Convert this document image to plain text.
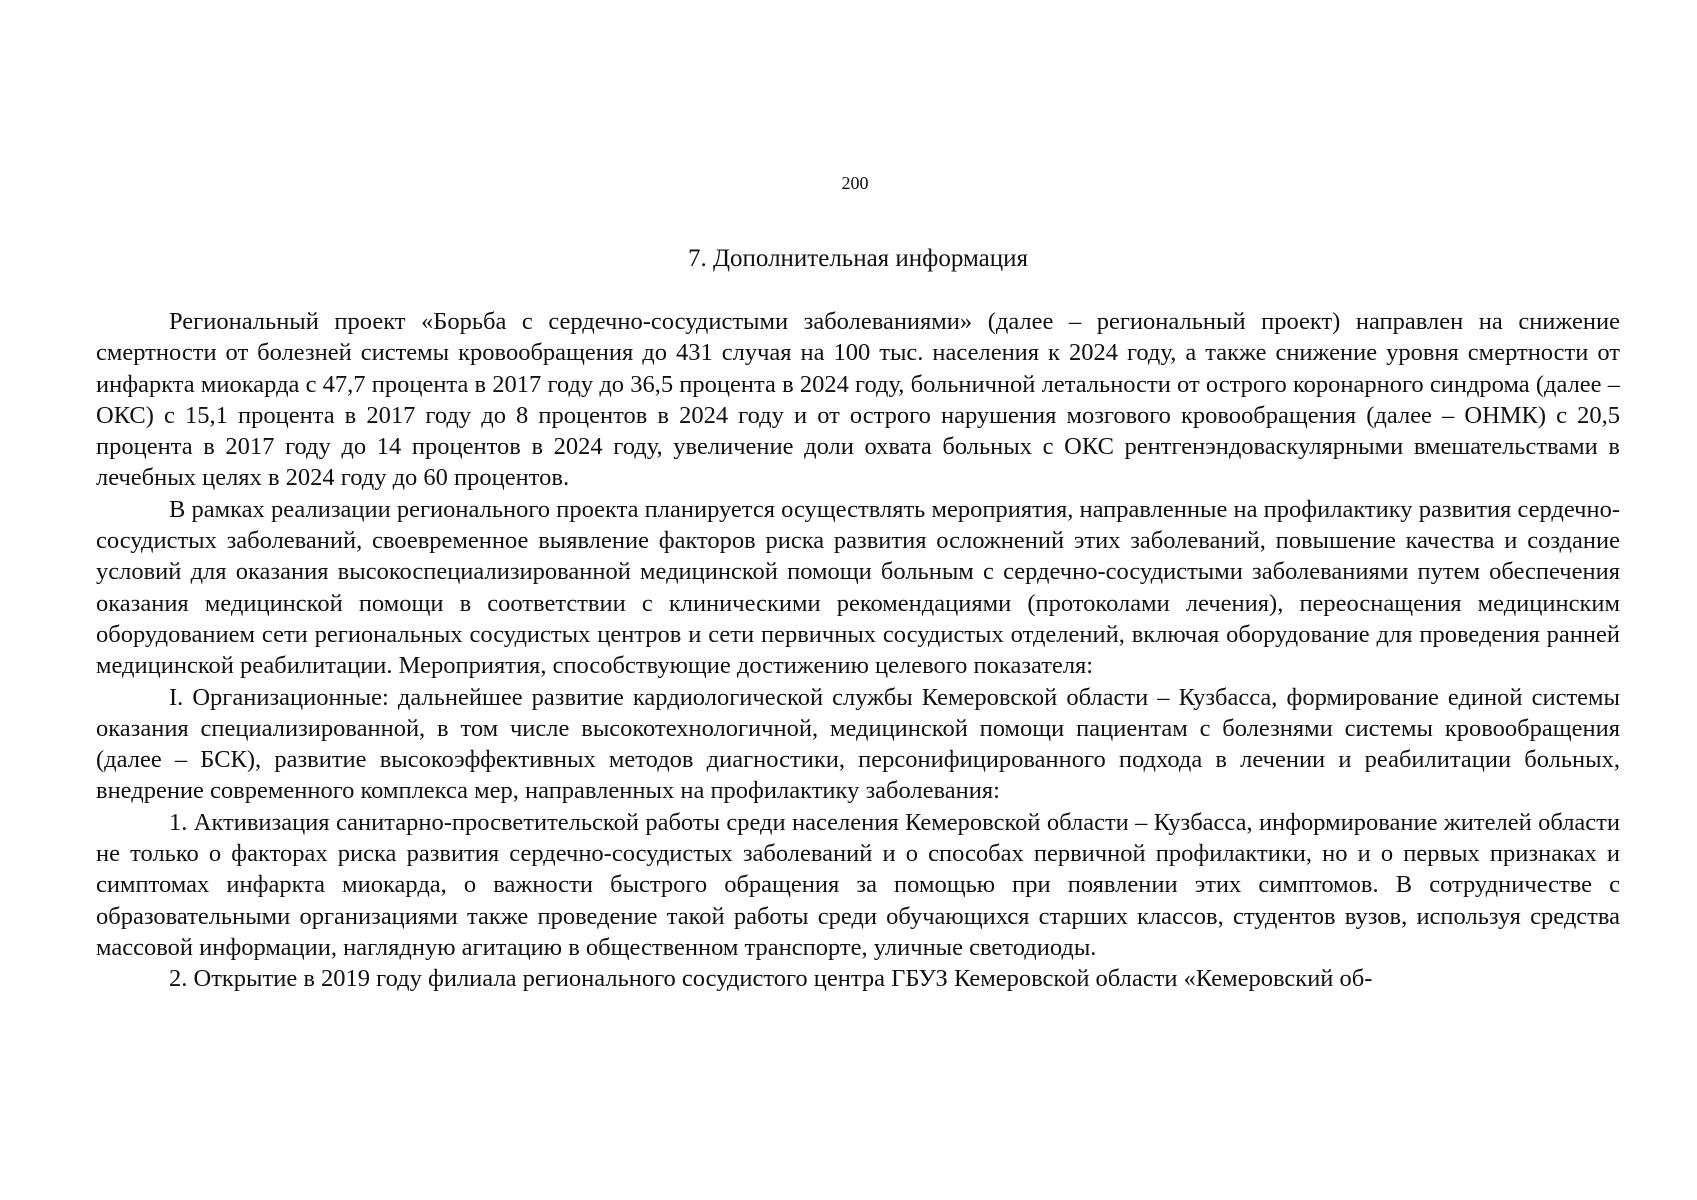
200
7. Дополнительная информация

Региональный проект «Борьба с сердечно-сосудистыми заболеваниями» (далее – региональный проект) направлен на снижение смертности от болезней системы кровообращения до 431 случая на 100 тыс. населения к 2024 году, а также снижение уровня смертности от инфаркта миокарда с 47,7 процента в 2017 году до 36,5 процента в 2024 году, больничной летальности от острого коронарного синдрома (далее – ОКС) с 15,1 процента в 2017 году до 8 процентов в 2024 году и от острого нарушения мозгового кровообращения (далее – ОНМК) с 20,5 процента в 2017 году до 14 процентов в 2024 году, увеличение доли охвата больных с ОКС рентгенэндоваскулярными вмешательствами в лечебных целях в 2024 году до 60 процентов.

В рамках реализации регионального проекта планируется осуществлять мероприятия, направленные на профилактику развития сердечно-сосудистых заболеваний, своевременное выявление факторов риска развития осложнений этих заболеваний, повышение качества и создание условий для оказания высокоспециализированной медицинской помощи больным с сердечно-сосудистыми заболеваниями путем обеспечения оказания медицинской помощи в соответствии с клиническими рекомендациями (протоколами лечения), переоснащения медицинским оборудованием сети региональных сосудистых центров и сети первичных сосудистых отделений, включая оборудование для проведения ранней медицинской реабилитации. Мероприятия, способствующие достижению целевого показателя:

I. Организационные: дальнейшее развитие кардиологической службы Кемеровской области – Кузбасса, формирование единой системы оказания специализированной, в том числе высокотехнологичной, медицинской помощи пациентам с болезнями системы кровообращения (далее – БСК), развитие высокоэффективных методов диагностики, персонифицированного подхода в лечении и реабилитации больных, внедрение современного комплекса мер, направленных на профилактику заболевания:

1. Активизация санитарно-просветительской работы среди населения Кемеровской области – Кузбасса, информирование жителей области не только о факторах риска развития сердечно-сосудистых заболеваний и о способах первичной профилактики, но и о первых признаках и симптомах инфаркта миокарда, о важности быстрого обращения за помощью при появлении этих симптомов. В сотрудничестве с образовательными организациями также проведение такой работы среди обучающихся старших классов, студентов вузов, используя средства массовой информации, наглядную агитацию в общественном транспорте, уличные светодиоды.

2. Открытие в 2019 году филиала регионального сосудистого центра ГБУЗ Кемеровской области «Кемеровский об-
